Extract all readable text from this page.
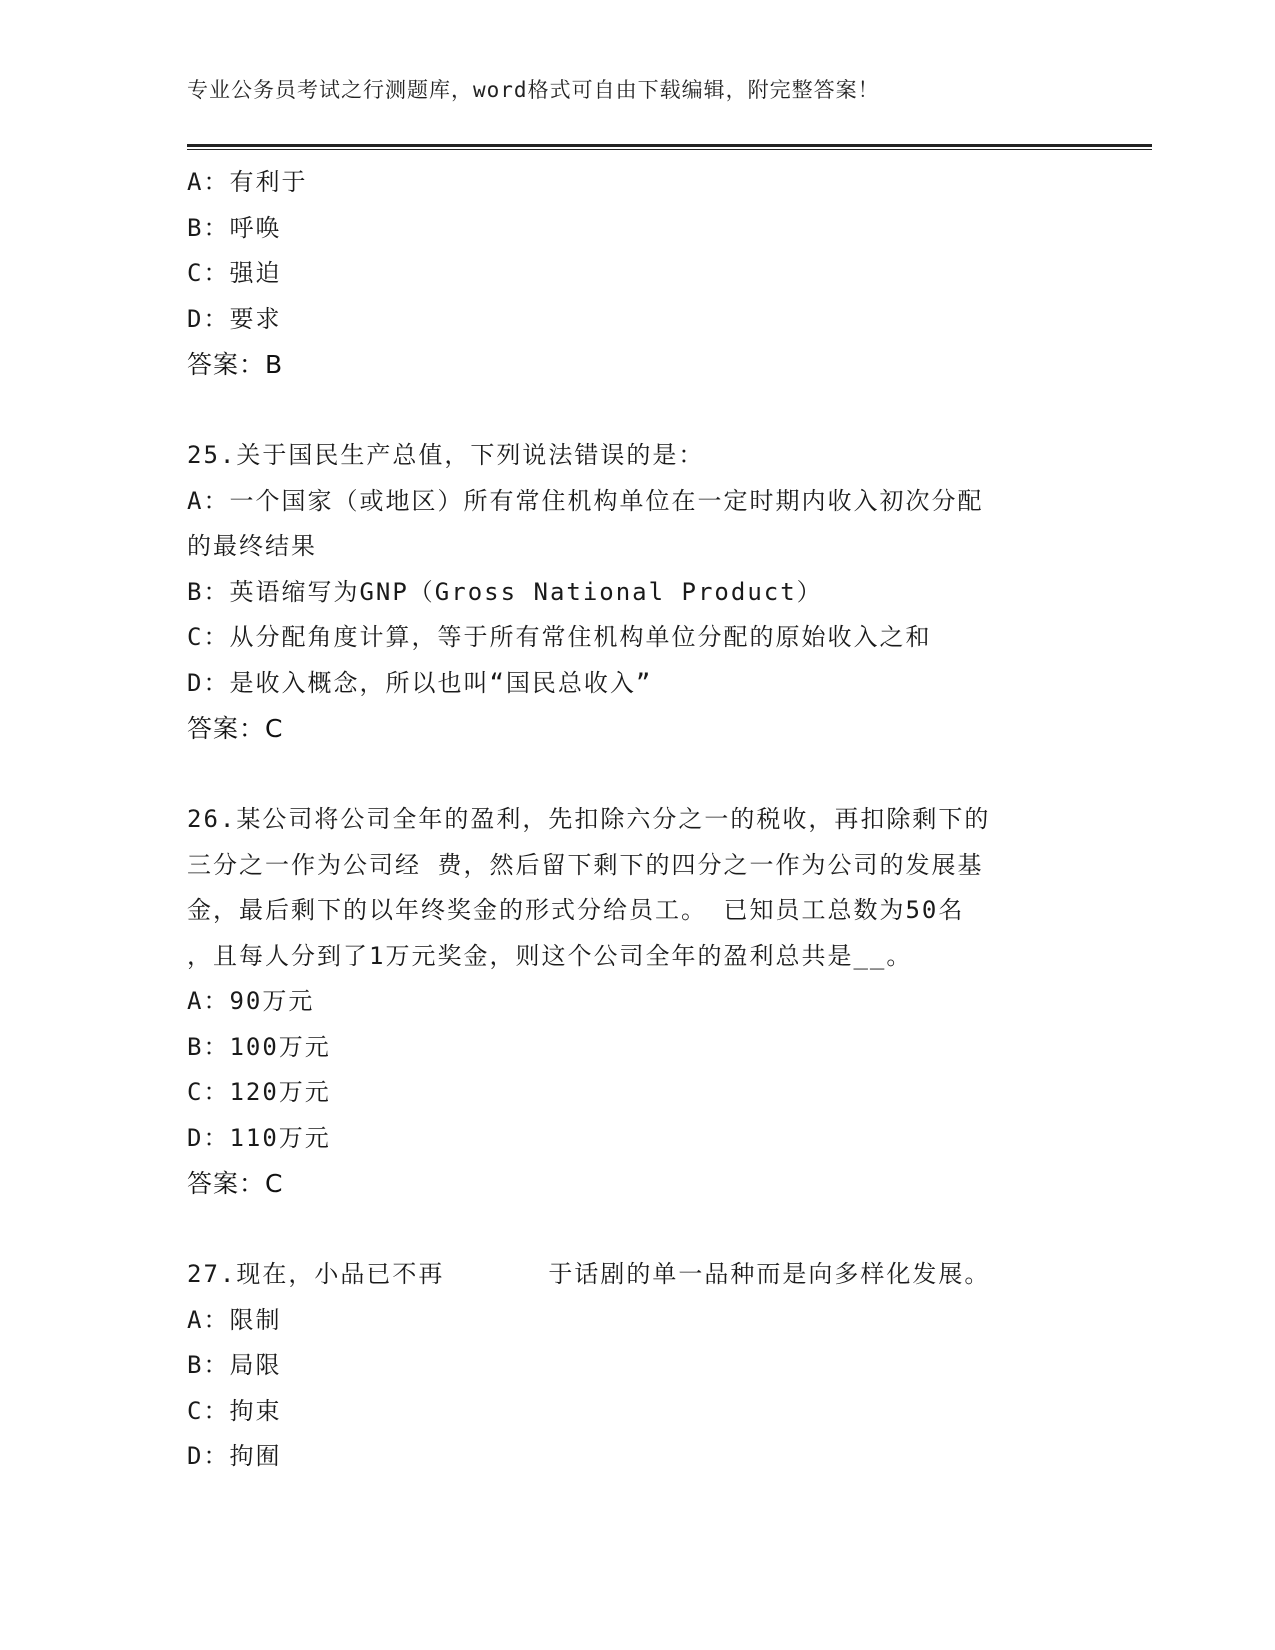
专业公务员考试之行测题库，word格式可自由下载编辑，附完整答案！
A：有利于
B：呼唤
C：强迫
D：要求
答案：B
25.关于国民生产总值，下列说法错误的是：
A：一个国家（或地区）所有常住机构单位在一定时期内收入初次分配
的最终结果
B：英语缩写为GNP（Gross National Product）
C：从分配角度计算，等于所有常住机构单位分配的原始收入之和
D：是收入概念，所以也叫“国民总收入”
答案：C
26.某公司将公司全年的盈利，先扣除六分之一的税收，再扣除剩下的
三分之一作为公司经 费，然后留下剩下的四分之一作为公司的发展基
金，最后剩下的以年终奖金的形式分给员工。 已知员工总数为50名
，且每人分到了1万元奖金，则这个公司全年的盈利总共是__。
A：90万元
B：100万元
C：120万元
D：110万元
答案：C
27.现在，小品已不再　　　　于话剧的单一品种而是向多样化发展。
A：限制
B：局限
C：拘束
D：拘囿
